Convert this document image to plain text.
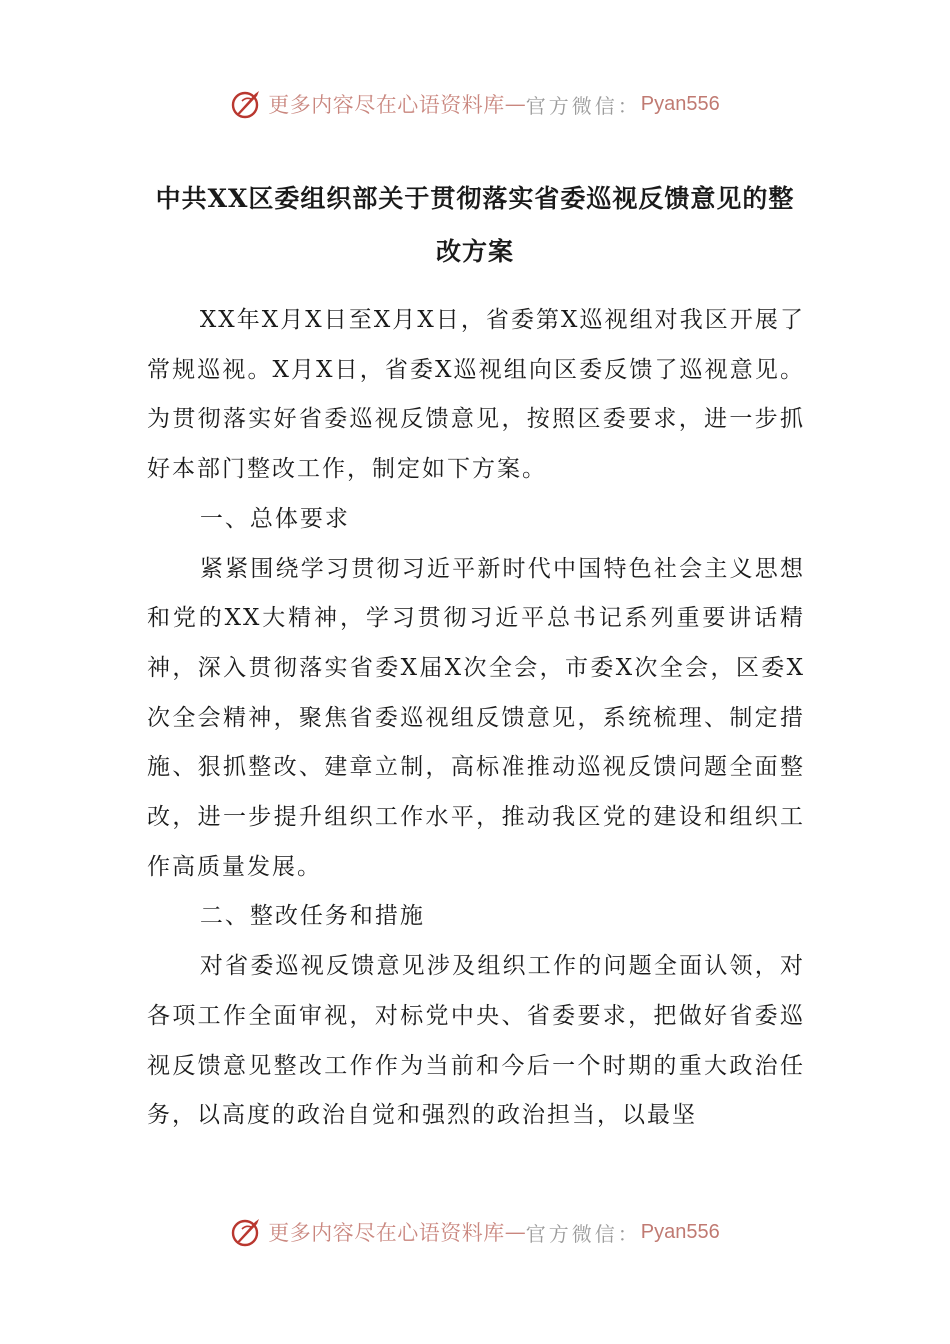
更多内容尽在心语资料库 — 官方微信： Pyan556
中共XX区委组织部关于贯彻落实省委巡视反馈意见的整改方案

XX年X月X日至X月X日，省委第X巡视组对我区开展了常规巡视。X月X日，省委X巡视组向区委反馈了巡视意见。为贯彻落实好省委巡视反馈意见，按照区委要求，进一步抓好本部门整改工作，制定如下方案。

一、总体要求

紧紧围绕学习贯彻习近平新时代中国特色社会主义思想和党的XX大精神，学习贯彻习近平总书记系列重要讲话精神，深入贯彻落实省委X届X次全会，市委X次全会，区委X次全会精神，聚焦省委巡视组反馈意见，系统梳理、制定措施、狠抓整改、建章立制，高标准推动巡视反馈问题全面整改，进一步提升组织工作水平，推动我区党的建设和组织工作高质量发展。

二、整改任务和措施

对省委巡视反馈意见涉及组织工作的问题全面认领，对各项工作全面审视，对标党中央、省委要求，把做好省委巡视反馈意见整改工作作为当前和今后一个时期的重大政治任务，以高度的政治自觉和强烈的政治担当，以最坚

更多内容尽在心语资料库 — 官方微信： Pyan556
